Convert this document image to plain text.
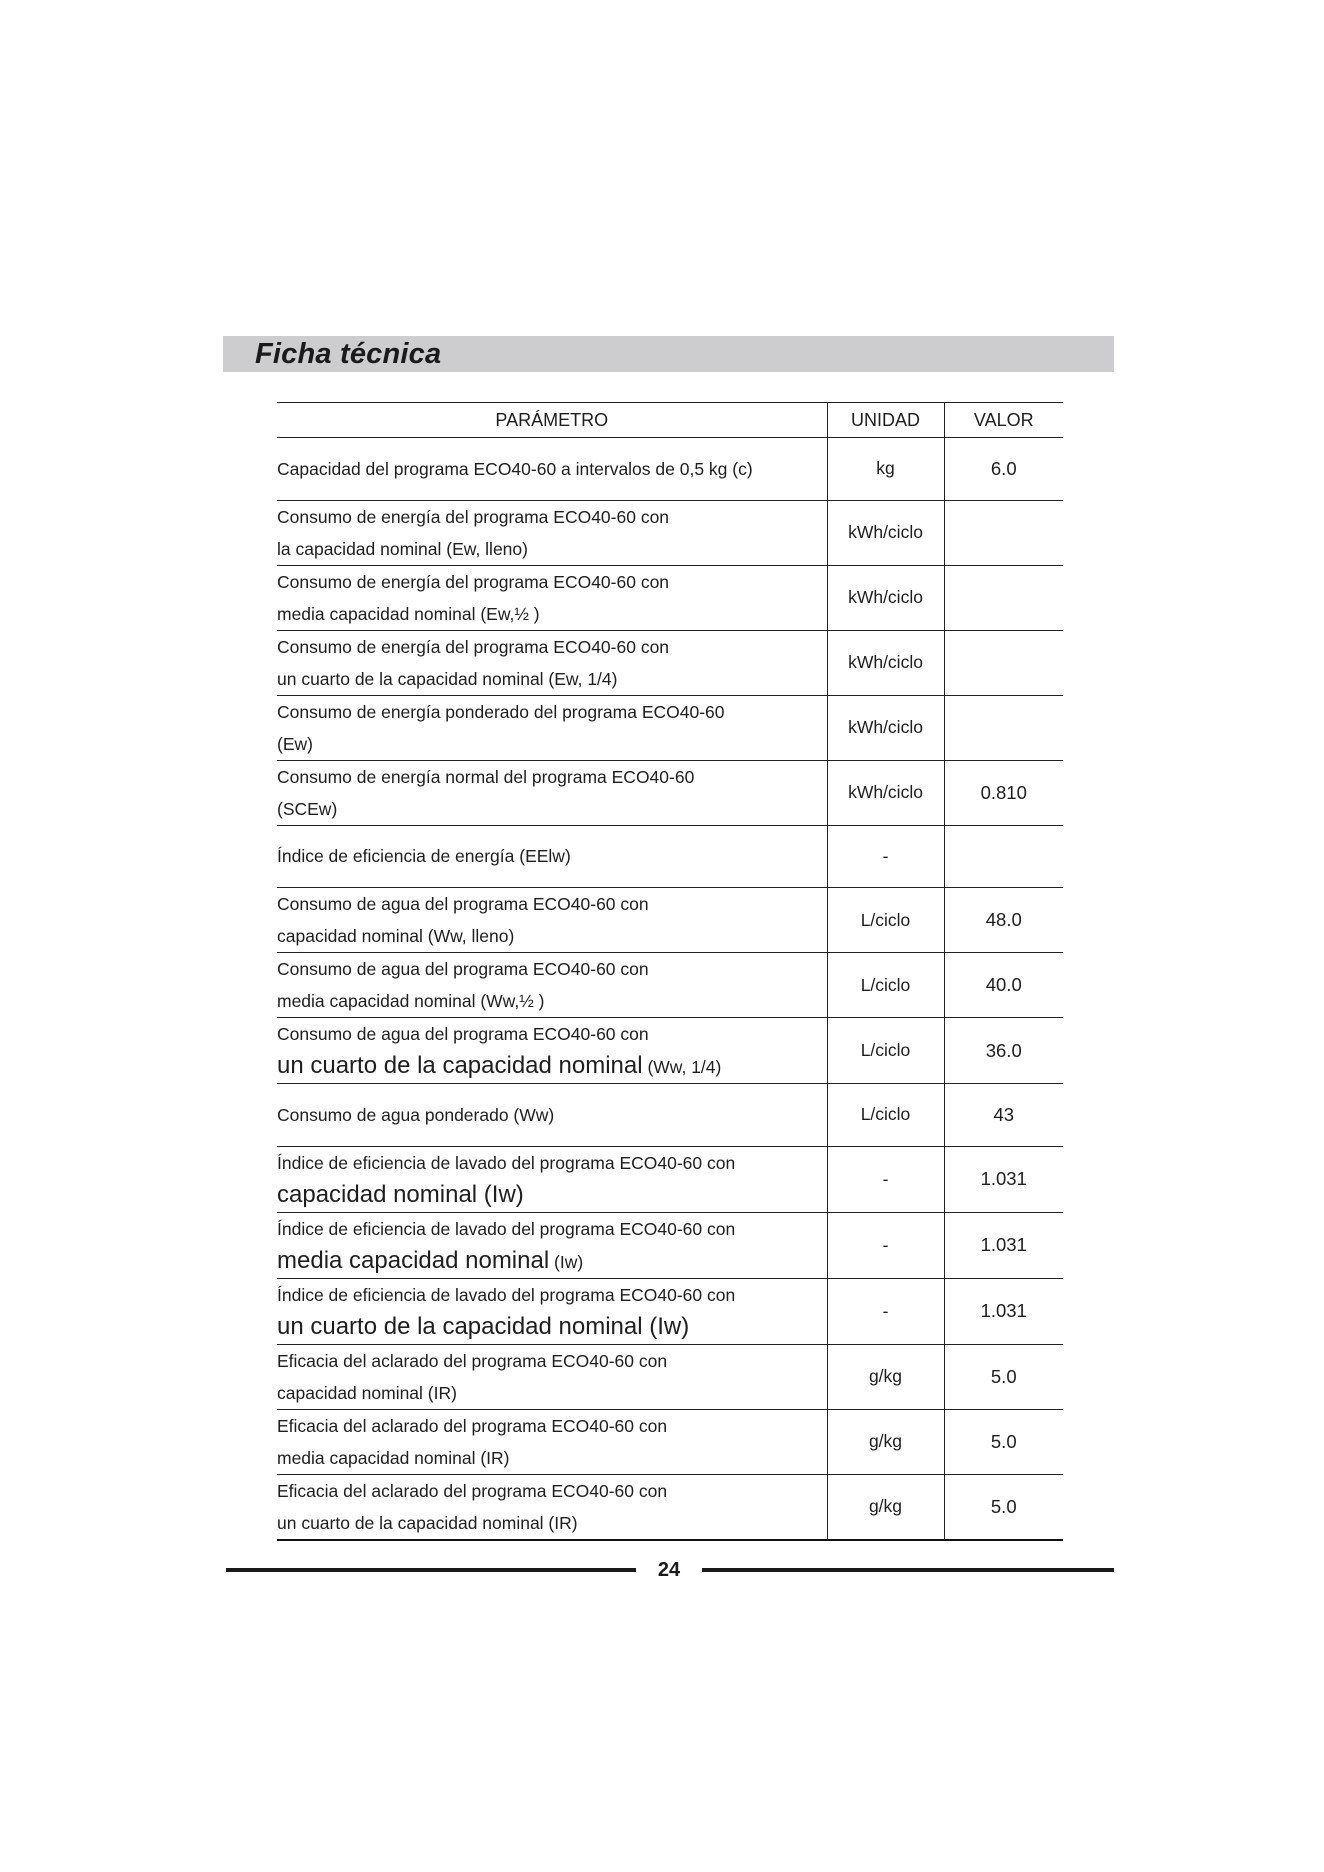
Ficha técnica
PARÁMETRO	UNIDAD	VALOR

Capacidad del programa ECO40-60 a intervalos de 0,5 kg (c)	kg	6.0

Consumo de energía del programa ECO40-60 con
la capacidad nominal (Ew, lleno)	kWh/ciclo	

Consumo de energía del programa ECO40-60 con
media capacidad nominal (Ew,½ )	kWh/ciclo	

Consumo de energía del programa ECO40-60 con
un cuarto de la capacidad nominal (Ew, 1/4)	kWh/ciclo	

Consumo de energía ponderado del programa ECO40-60
(Ew)	kWh/ciclo	

Consumo de energía normal del programa ECO40-60
(SCEw)	kWh/ciclo	0.810

Índice de eficiencia de energía (EElw)	-	

Consumo de agua del programa ECO40-60 con
capacidad nominal (Ww, lleno)	L/ciclo	48.0

Consumo de agua del programa ECO40-60 con
media capacidad nominal (Ww,½ )	L/ciclo	40.0

Consumo de agua del programa ECO40-60 con
un cuarto de la capacidad nominal (Ww, 1/4)	L/ciclo	36.0

Consumo de agua ponderado (Ww)	L/ciclo	43

Índice de eficiencia de lavado del programa ECO40-60 con
capacidad nominal (Iw)	-	1.031

Índice de eficiencia de lavado del programa ECO40-60 con
media capacidad nominal (Iw)	-	1.031

Índice de eficiencia de lavado del programa ECO40-60 con
un cuarto de la capacidad nominal (Iw)	-	1.031

Eficacia del aclarado del programa ECO40-60 con
capacidad nominal (IR)	g/kg	5.0

Eficacia del aclarado del programa ECO40-60 con
media capacidad nominal (IR)	g/kg	5.0

Eficacia del aclarado del programa ECO40-60 con
un cuarto de la capacidad nominal (IR)	g/kg	5.0
24
